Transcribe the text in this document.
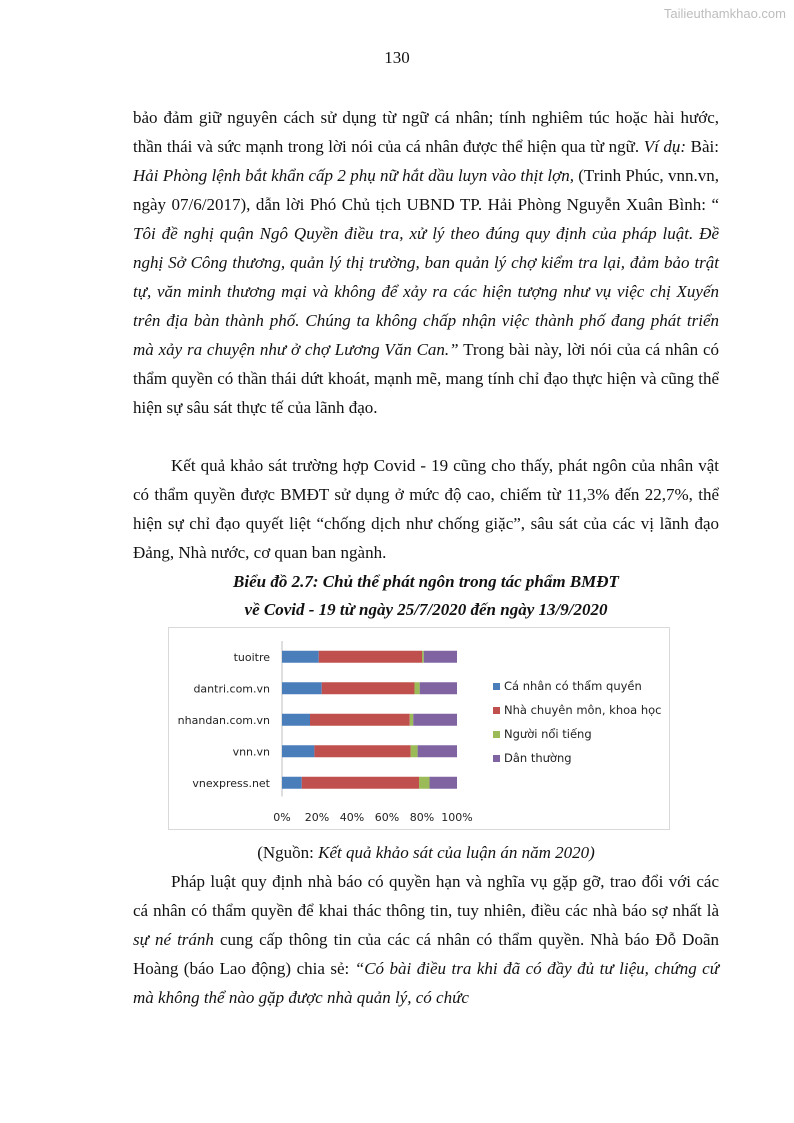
Tailieuthamkhao.com
130

bảo đảm giữ nguyên cách sử dụng từ ngữ cá nhân; tính nghiêm túc hoặc hài hước, thần thái và sức mạnh trong lời nói của cá nhân được thể hiện qua từ ngữ. Ví dụ: Bài: Hải Phòng lệnh bắt khẩn cấp 2 phụ nữ hắt dầu luyn vào thịt lợn, (Trinh Phúc, vnn.vn, ngày 07/6/2017), dẫn lời Phó Chủ tịch UBND TP. Hải Phòng Nguyễn Xuân Bình: “ Tôi đề nghị quận Ngô Quyền điều tra, xử lý theo đúng quy định của pháp luật. Đề nghị Sở Công thương, quản lý thị trường, ban quản lý chợ kiểm tra lại, đảm bảo trật tự, văn minh thương mại và không để xảy ra các hiện tượng như vụ việc chị Xuyến trên địa bàn thành phố. Chúng ta không chấp nhận việc thành phố đang phát triển mà xảy ra chuyện như ở chợ Lương Văn Can.” Trong bài này, lời nói của cá nhân có thẩm quyền có thần thái dứt khoát, mạnh mẽ, mang tính chỉ đạo thực hiện và cũng thể hiện sự sâu sát thực tế của lãnh đạo.

Kết quả khảo sát trường hợp Covid - 19 cũng cho thấy, phát ngôn của nhân vật có thẩm quyền được BMĐT sử dụng ở mức độ cao, chiếm từ 11,3% đến 22,7%, thể hiện sự chỉ đạo quyết liệt “chống dịch như chống giặc”, sâu sát của các vị lãnh đạo Đảng, Nhà nước, cơ quan ban ngành.

Biểu đồ 2.7: Chủ thể phát ngôn trong tác phẩm BMĐT
về Covid - 19 từ ngày 25/7/2020 đến ngày 13/9/2020
tuoitre
dantri.com.vn
nhandan.com.vn
vnn.vn
vnexpress.net
0% 20% 40% 60% 80% 100%
Cá nhân có thẩm quyền
Nhà chuyên môn, khoa học
Người nổi tiếng
Dân thường
(Nguồn: Kết quả khảo sát của luận án năm 2020)

Pháp luật quy định nhà báo có quyền hạn và nghĩa vụ gặp gỡ, trao đổi với các cá nhân có thẩm quyền để khai thác thông tin, tuy nhiên, điều các nhà báo sợ nhất là sự né tránh cung cấp thông tin của các cá nhân có thẩm quyền. Nhà báo Đỗ Doãn Hoàng (báo Lao động) chia sẻ: “Có bài điều tra khi đã có đầy đủ tư liệu, chứng cứ mà không thể nào gặp được nhà quản lý, có chức
